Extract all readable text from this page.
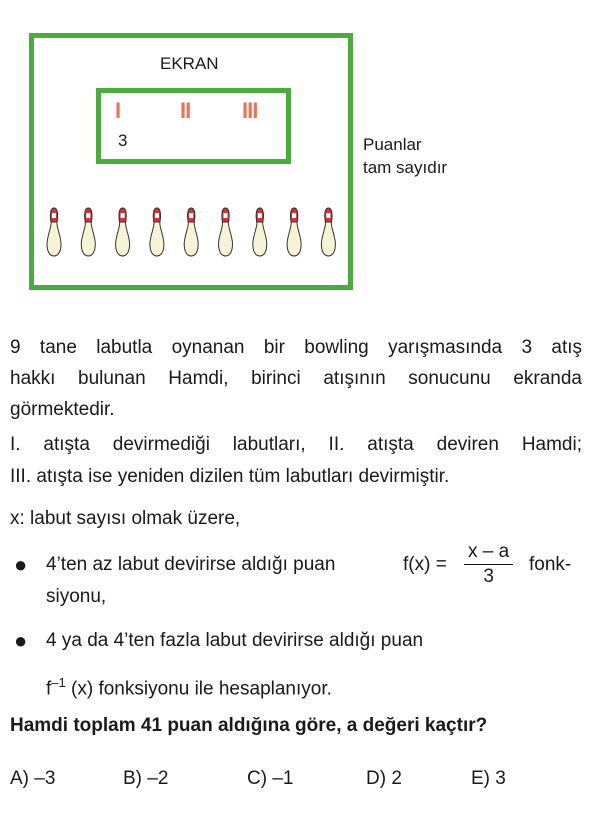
EKRAN
I	II III
3	Puanlar
tam sayıdır
9 tane labutla oynanan bir bowling yarışmasında 3 atış
hakkı bulunan Hamdi, birinci atışının sonucunu ekranda
görmektedir.
I. atışta devirmediği labutları, II. atışta deviren Hamdi;
III. atışta ise yeniden dizilen tüm labutları devirmiştir.
x: labut sayısı olmak üzere,
● 4’ten az labut devirirse aldığı puan	$f(x) = \frac{x - a}{3}$ fonk-
siyonu,
● 4 ya da 4’ten fazla labut devirirse aldığı puan
$f^{-1}$ (x) fonksiyonu ile hesaplanıyor.
Hamdi toplam 41 puan aldığına göre, a değeri kaçtır?
A) –3	B) –2	C) –1	D) 2	E) 3
